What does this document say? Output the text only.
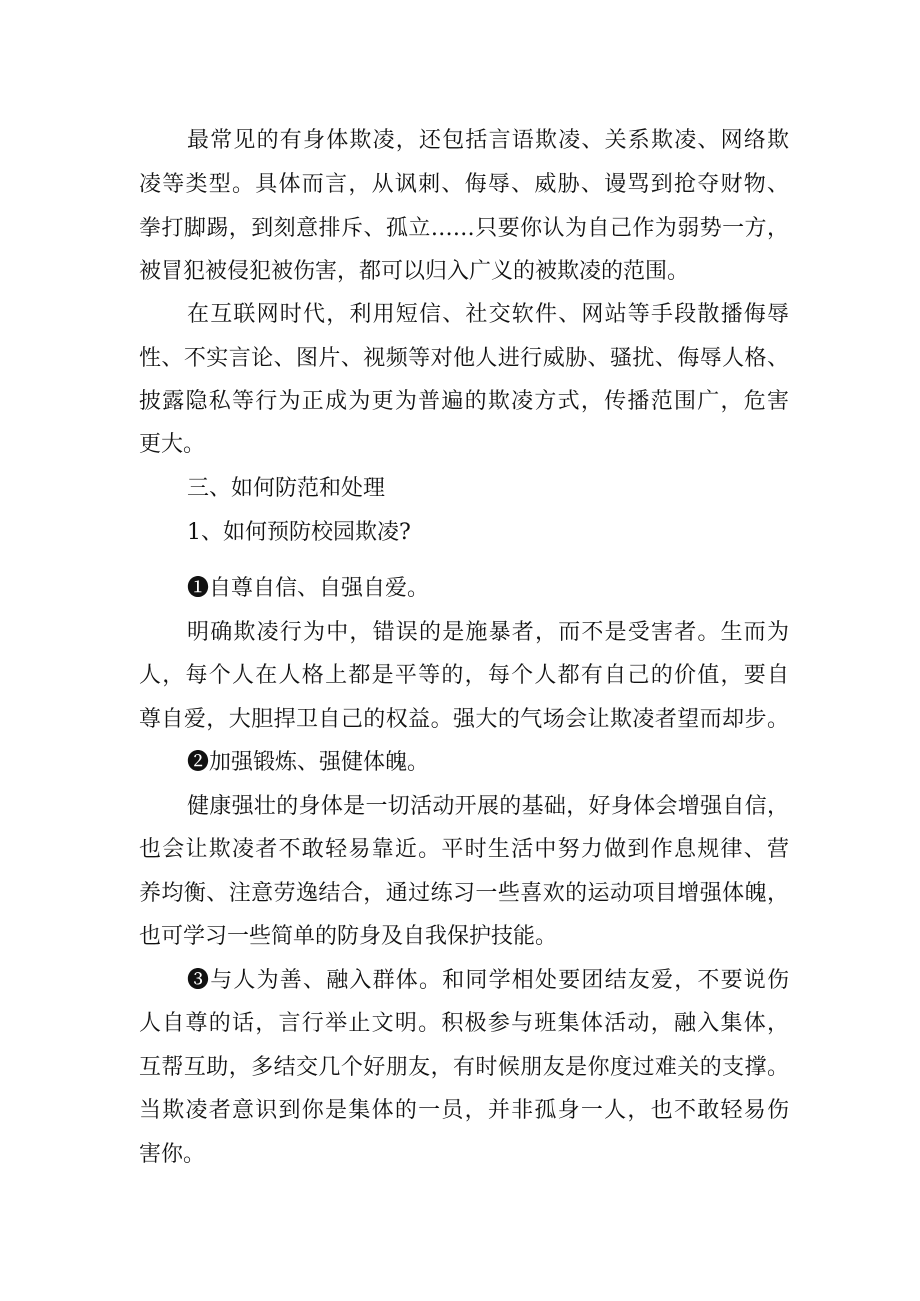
最常见的有身体欺凌，还包括言语欺凌、关系欺凌、网络欺
凌等类型。具体而言，从讽刺、侮辱、威胁、谩骂到抢夺财物、
拳打脚踢，到刻意排斥、孤立……只要你认为自己作为弱势一方，
被冒犯被侵犯被伤害，都可以归入广义的被欺凌的范围。
在互联网时代，利用短信、社交软件、网站等手段散播侮辱
性、不实言论、图片、视频等对他人进行威胁、骚扰、侮辱人格、
披露隐私等行为正成为更为普遍的欺凌方式，传播范围广，危害
更大。
三、如何防范和处理
1、如何预防校园欺凌?
❶自尊自信、自强自爱。
明确欺凌行为中，错误的是施暴者，而不是受害者。生而为
人，每个人在人格上都是平等的，每个人都有自己的价值，要自
尊自爱，大胆捍卫自己的权益。强大的气场会让欺凌者望而却步。
❷加强锻炼、强健体魄。
健康强壮的身体是一切活动开展的基础，好身体会增强自信，
也会让欺凌者不敢轻易靠近。平时生活中努力做到作息规律、营
养均衡、注意劳逸结合，通过练习一些喜欢的运动项目增强体魄，
也可学习一些简单的防身及自我保护技能。
❸与人为善、融入群体。和同学相处要团结友爱，不要说伤
人自尊的话，言行举止文明。积极参与班集体活动，融入集体，
互帮互助，多结交几个好朋友，有时候朋友是你度过难关的支撑。
当欺凌者意识到你是集体的一员，并非孤身一人，也不敢轻易伤
害你。
